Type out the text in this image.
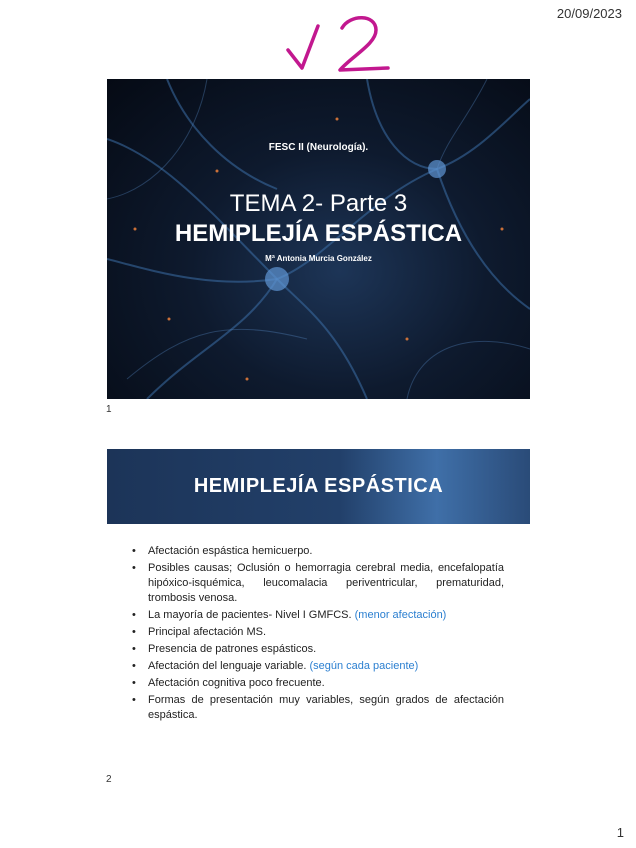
20/09/2023
FESC II (Neurología).
TEMA 2- Parte 3
HEMIPLEJÍA ESPÁSTICA
Mª Antonia Murcia González
1
HEMIPLEJÍA ESPÁSTICA
• Afectación espástica hemicuerpo.
• Posibles causas; Oclusión o hemorragia cerebral media, encefalopatía hipóxico-isquémica, leucomalacia periventricular, prematuridad, trombosis venosa.
• La mayoría de pacientes- Nivel I GMFCS. (menor afectación)
• Principal afectación MS.
• Presencia de patrones espásticos.
• Afectación del lenguaje variable. (según cada paciente)
• Afectación cognitiva poco frecuente.
• Formas de presentación muy variables, según grados de afectación espástica.
2
1
